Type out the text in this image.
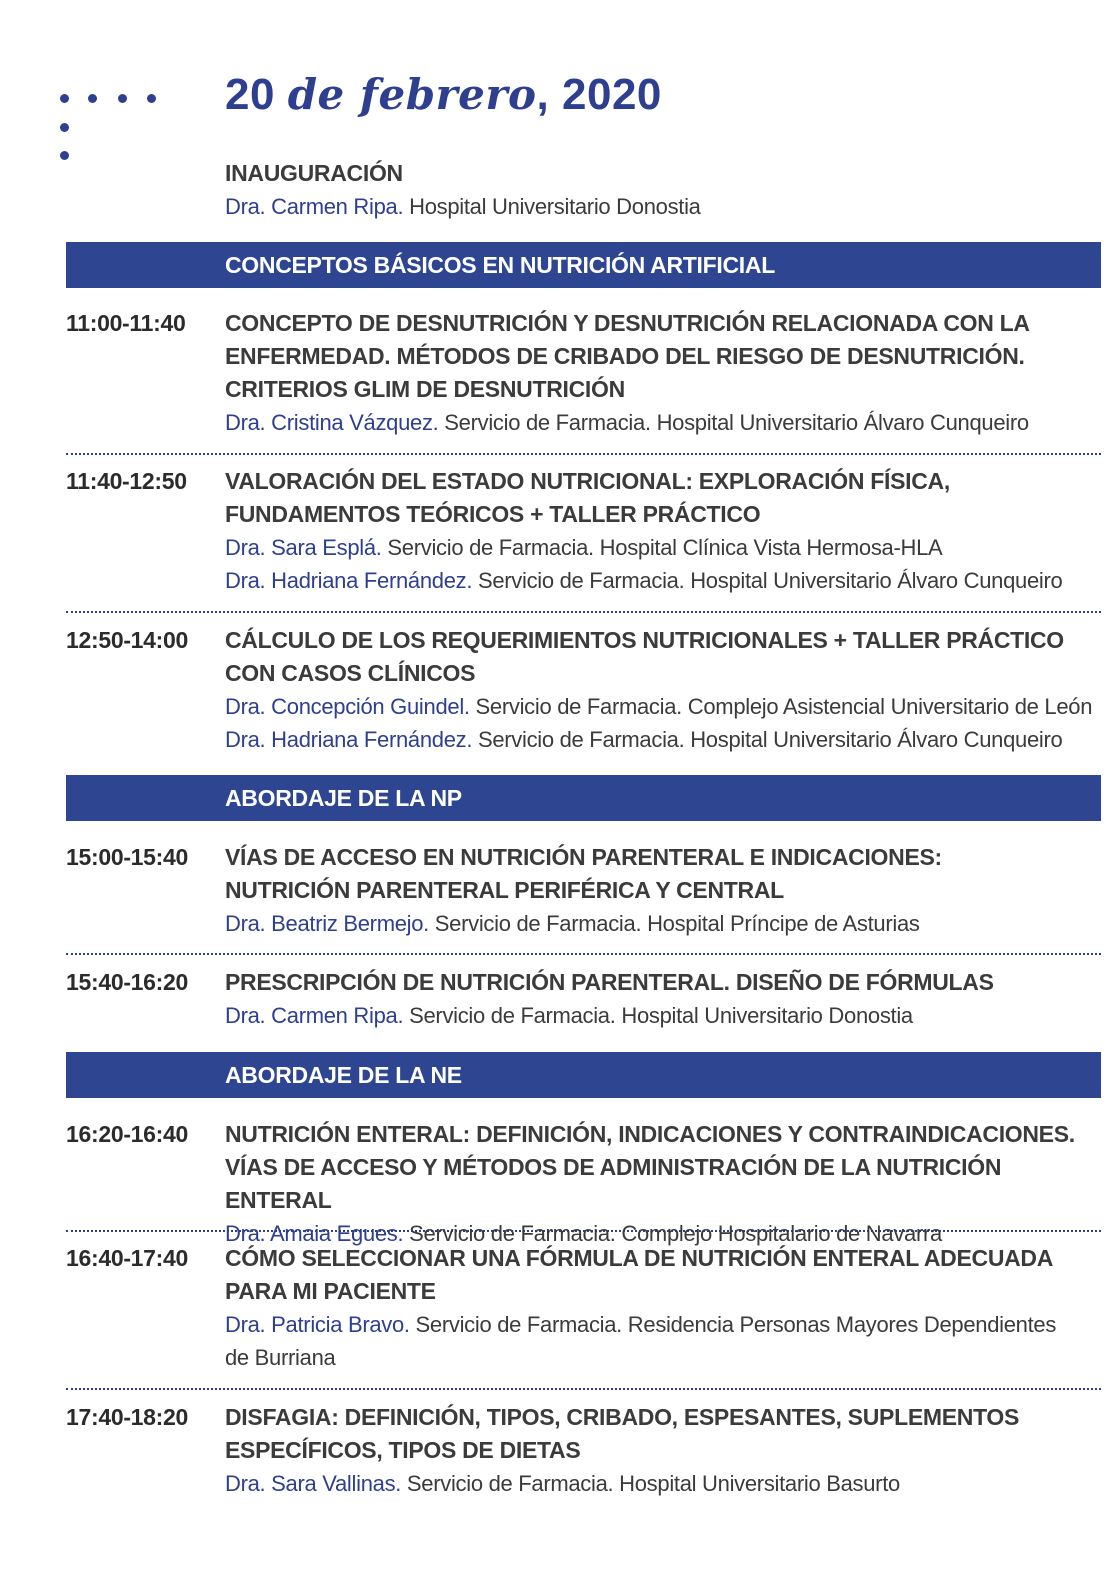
20 de febrero, 2020
INAUGURACIÓN
Dra. Carmen Ripa. Hospital Universitario Donostia
CONCEPTOS BÁSICOS EN NUTRICIÓN ARTIFICIAL
11:00-11:40 CONCEPTO DE DESNUTRICIÓN Y DESNUTRICIÓN RELACIONADA CON LA
ENFERMEDAD. MÉTODOS DE CRIBADO DEL RIESGO DE DESNUTRICIÓN.
CRITERIOS GLIM DE DESNUTRICIÓN
Dra. Cristina Vázquez. Servicio de Farmacia. Hospital Universitario Álvaro Cunqueiro
11:40-12:50 VALORACIÓN DEL ESTADO NUTRICIONAL: EXPLORACIÓN FÍSICA,
FUNDAMENTOS TEÓRICOS + TALLER PRÁCTICO
Dra. Sara Esplá. Servicio de Farmacia. Hospital Clínica Vista Hermosa-HLA
Dra. Hadriana Fernández. Servicio de Farmacia. Hospital Universitario Álvaro Cunqueiro
12:50-14:00 CÁLCULO DE LOS REQUERIMIENTOS NUTRICIONALES + TALLER PRÁCTICO
CON CASOS CLÍNICOS
Dra. Concepción Guindel. Servicio de Farmacia. Complejo Asistencial Universitario de León
Dra. Hadriana Fernández. Servicio de Farmacia. Hospital Universitario Álvaro Cunqueiro
ABORDAJE DE LA NP
15:00-15:40 VÍAS DE ACCESO EN NUTRICIÓN PARENTERAL E INDICACIONES:
NUTRICIÓN PARENTERAL PERIFÉRICA Y CENTRAL
Dra. Beatriz Bermejo. Servicio de Farmacia. Hospital Príncipe de Asturias
15:40-16:20 PRESCRIPCIÓN DE NUTRICIÓN PARENTERAL. DISEÑO DE FÓRMULAS
Dra. Carmen Ripa. Servicio de Farmacia. Hospital Universitario Donostia
ABORDAJE DE LA NE
16:20-16:40 NUTRICIÓN ENTERAL: DEFINICIÓN, INDICACIONES Y CONTRAINDICACIONES.
VÍAS DE ACCESO Y MÉTODOS DE ADMINISTRACIÓN DE LA NUTRICIÓN ENTERAL
Dra. Amaia Egues. Servicio de Farmacia. Complejo Hospitalario de Navarra
16:40-17:40 CÓMO SELECCIONAR UNA FÓRMULA DE NUTRICIÓN ENTERAL ADECUADA
PARA MI PACIENTE
Dra. Patricia Bravo. Servicio de Farmacia. Residencia Personas Mayores Dependientes
de Burriana
17:40-18:20 DISFAGIA: DEFINICIÓN, TIPOS, CRIBADO, ESPESANTES, SUPLEMENTOS
ESPECÍFICOS, TIPOS DE DIETAS
Dra. Sara Vallinas. Servicio de Farmacia. Hospital Universitario Basurto
